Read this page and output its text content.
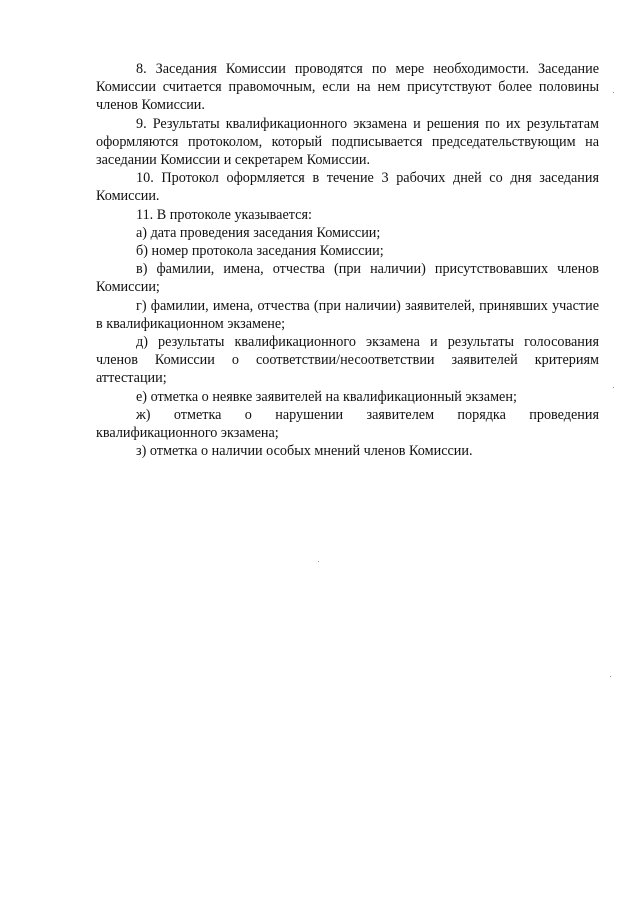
8. Заседания Комиссии проводятся по мере необходимости. Заседание Комиссии считается правомочным, если на нем присутствуют более половины членов Комиссии.

9. Результаты квалификационного экзамена и решения по их результатам оформляются протоколом, который подписывается председательствующим на заседании Комиссии и секретарем Комиссии.

10. Протокол оформляется в течение 3 рабочих дней со дня заседания Комиссии.

11. В протоколе указывается:

а) дата проведения заседания Комиссии;

б) номер протокола заседания Комиссии;

в) фамилии, имена, отчества (при наличии) присутствовавших членов Комиссии;

г) фамилии, имена, отчества (при наличии) заявителей, принявших участие в квалификационном экзамене;

д) результаты квалификационного экзамена и результаты голосования членов Комиссии о соответствии/несоответствии заявителей критериям аттестации;

е) отметка о неявке заявителей на квалификационный экзамен;

ж) отметка о нарушении заявителем порядка проведения квалификационного экзамена;

з) отметка о наличии особых мнений членов Комиссии.
